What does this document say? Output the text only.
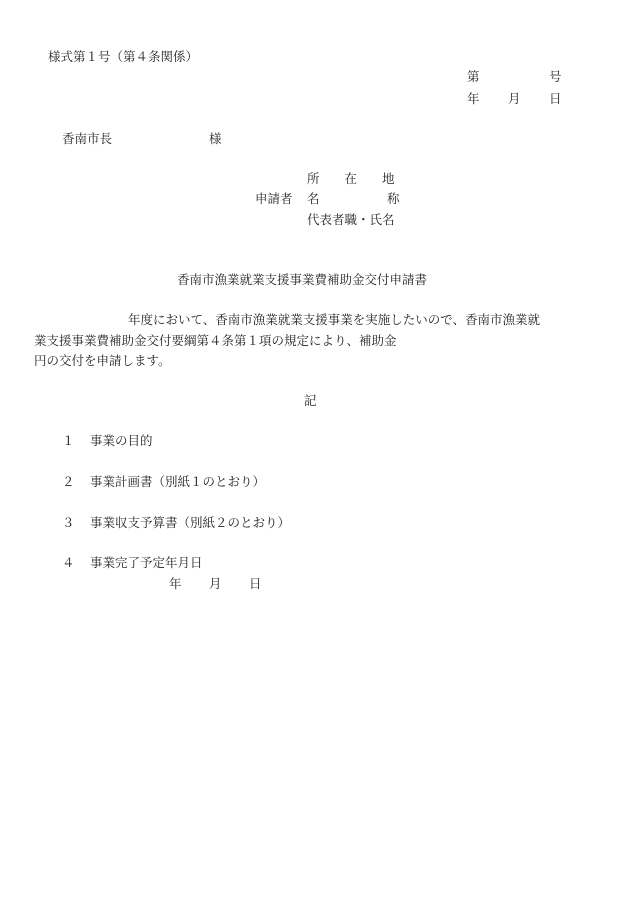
様式第１号（第４条関係）

第	号
年 月 日
香南市長	様
所　　在　　地
申請者 名	称
代表者職・氏名

香南市漁業就業支援事業費補助金交付申請書

年度において、香南市漁業就業支援事業を実施したいので、香南市漁業就

業支援事業費補助金交付要綱第４条第１項の規定により、補助金

円の交付を申請します。

記

１ 事業の目的
２ 事業計画書（別紙１のとおり）
３ 事業収支予算書（別紙２のとおり）
４ 事業完了予定年月日
年 月 日
